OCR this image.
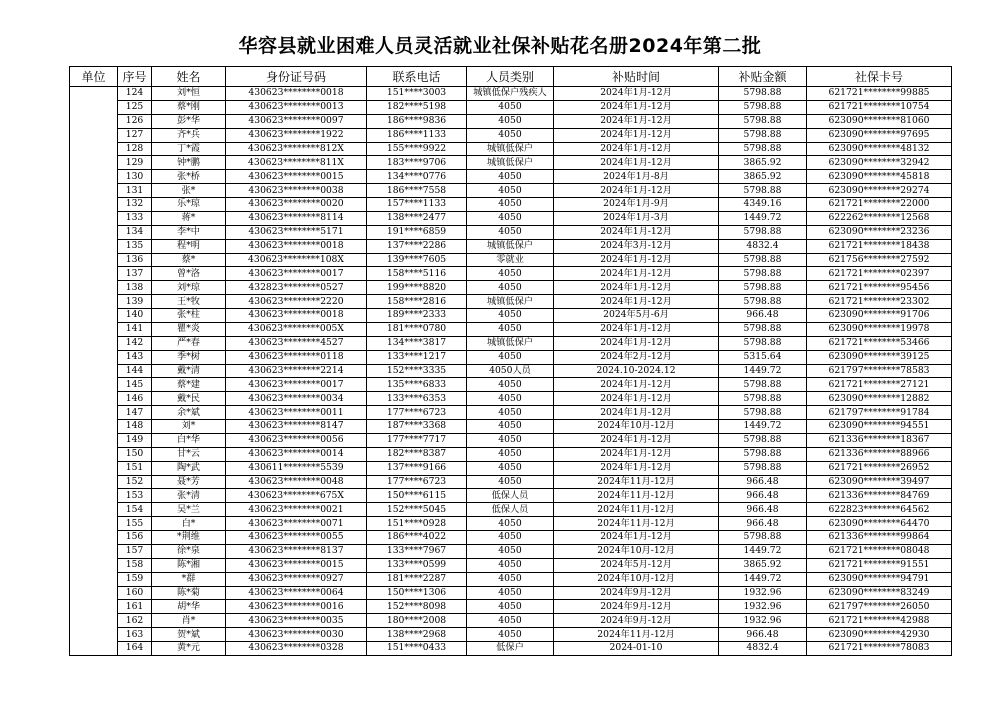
华容县就业困难人员灵活就业社保补贴花名册2024年第二批
单位	序号	姓名	身份证号码	联系电话	人员类别	补贴时间	补贴金额	社保卡号
	124	刘*恒	430623********0018	151****3003	城镇低保户残疾人	2024年1月-12月	5798.88	621721********99885
	125	蔡*刚	430623********0013	182****5198	4050	2024年1月-12月	5798.88	621721********10754
	126	彭*华	430623********0097	186****9836	4050	2024年1月-12月	5798.88	623090********81060
	127	齐*兵	430623********1922	186****1133	4050	2024年1月-12月	5798.88	623090********97695
	128	丁*霞	430623********812X	155****9922	城镇低保户	2024年1月-12月	5798.88	623090********48132
	129	钟*鹏	430623********811X	183****9706	城镇低保户	2024年1月-12月	3865.92	623090********32942
	130	张*桥	430623********0015	134****0776	4050	2024年1月-8月	3865.92	623090********45818
	131	张*	430623********0038	186****7558	4050	2024年1月-12月	5798.88	623090********29274
	132	乐*琼	430623********0020	157****1133	4050	2024年1月-9月	4349.16	621721********22000
	133	蒋*	430623********8114	138****2477	4050	2024年1月-3月	1449.72	622262********12568
	134	李*中	430623********5171	191****6859	4050	2024年1月-12月	5798.88	623090********23236
	135	程*明	430623********0018	137****2286	城镇低保户	2024年3月-12月	4832.4	621721********18438
	136	蔡*	430623********108X	139****7605	零就业	2024年1月-12月	5798.88	621756********27592
	137	曾*洛	430623********0017	158****5116	4050	2024年1月-12月	5798.88	621721********02397
	138	刘*琼	432823********0527	199****8820	4050	2024年1月-12月	5798.88	621721********95456
	139	王*牧	430623********2220	158****2816	城镇低保户	2024年1月-12月	5798.88	621721********23302
	140	张*柱	430623********0018	189****2333	4050	2024年5月-6月	966.48	623090********91706
	141	瞿*炎	430623********005X	181****0780	4050	2024年1月-12月	5798.88	623090********19978
	142	严*春	430623********4527	134****3817	城镇低保户	2024年1月-12月	5798.88	621721********53466
	143	季*树	430623********0118	133****1217	4050	2024年2月-12月	5315.64	623090********39125
	144	戴*清	430623********2214	152****3335	4050人员	2024.10-2024.12	1449.72	621797********78583
	145	蔡*建	430623********0017	135****6833	4050	2024年1月-12月	5798.88	621721********27121
	146	戴*民	430623********0034	133****6353	4050	2024年1月-12月	5798.88	623090********12882
	147	余*斌	430623********0011	177****6723	4050	2024年1月-12月	5798.88	621797********91784
	148	刘*	430623********8147	187****3368	4050	2024年10月-12月	1449.72	623090********94551
	149	白*华	430623********0056	177****7717	4050	2024年1月-12月	5798.88	621336********18367
	150	甘*云	430623********0014	182****8387	4050	2024年1月-12月	5798.88	621336********88966
	151	陶*武	430611********5539	137****9166	4050	2024年1月-12月	5798.88	621721********26952
	152	聂*芳	430623********0048	177****6723	4050	2024年11月-12月	966.48	623090********39497
	153	张*清	430623********675X	150****6115	低保人员	2024年11月-12月	966.48	621336********84769
	154	吴*兰	430623********0021	152****5045	低保人员	2024年11月-12月	966.48	622823********64562
	155	白*	430623********0071	151****0928	4050	2024年11月-12月	966.48	623090********64470
	156	*荆维	430623********0055	186****4022	4050	2024年1月-12月	5798.88	621336********99864
	157	徐*泉	430623********8137	133****7967	4050	2024年10月-12月	1449.72	621721********08048
	158	陈*湘	430623********0015	133****0599	4050	2024年5月-12月	3865.92	621721********91551
	159	*群	430623********0927	181****2287	4050	2024年10月-12月	1449.72	623090********94791
	160	陈*菊	430623********0064	150****1306	4050	2024年9月-12月	1932.96	623090********83249
	161	胡*华	430623********0016	152****8098	4050	2024年9月-12月	1932.96	621797********26050
	162	肖*	430623********0035	180****2008	4050	2024年9月-12月	1932.96	621721********42988
	163	贺*斌	430623********0030	138****2968	4050	2024年11月-12月	966.48	623090********42930
	164	黄*元	430623********0328	151****0433	低保户	2024-01-10	4832.4	621721********78083
